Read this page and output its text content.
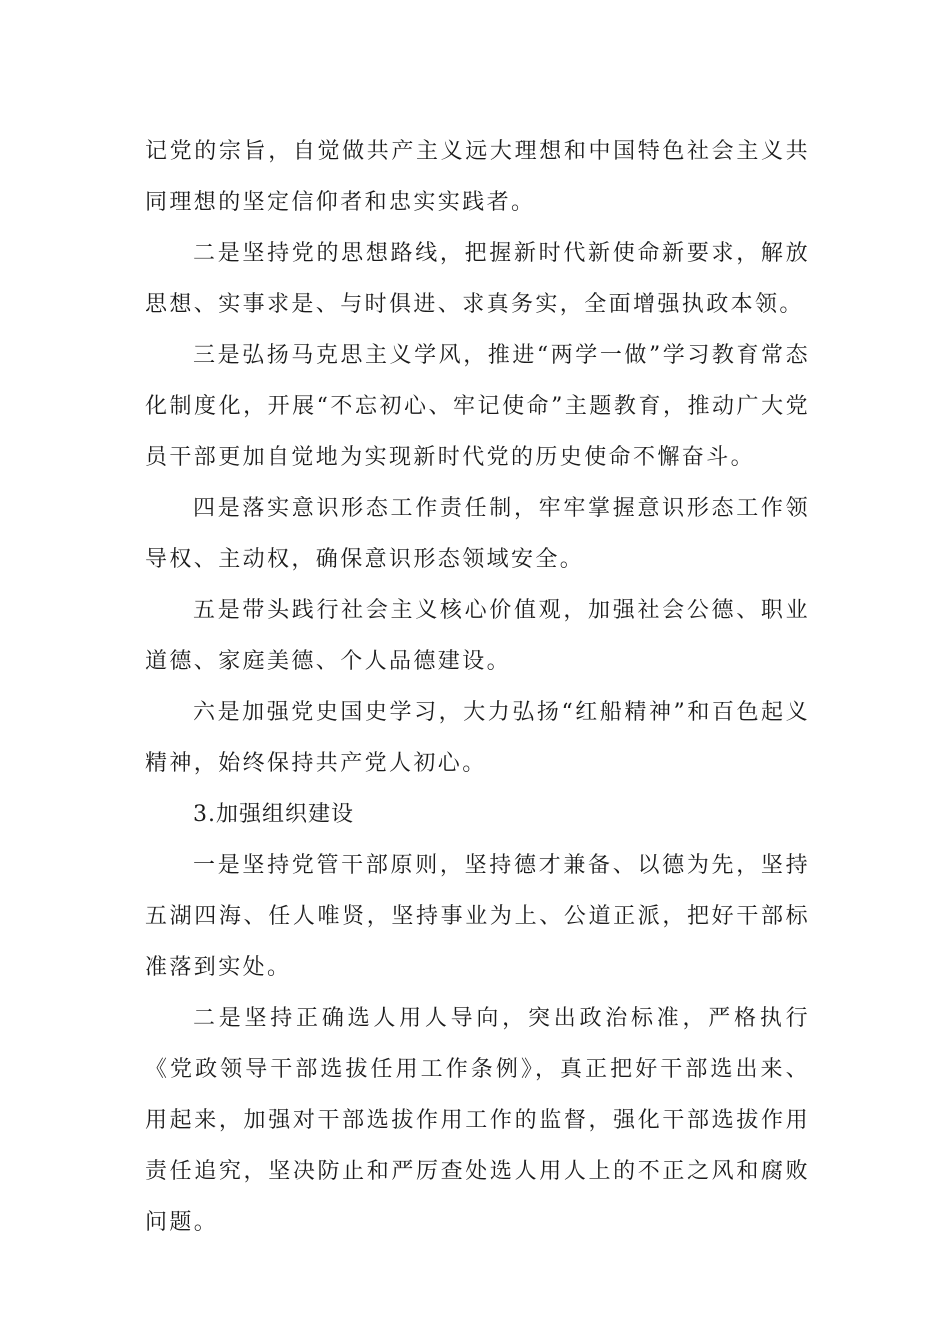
记党的宗旨，自觉做共产主义远大理想和中国特色社会主义共同理想的坚定信仰者和忠实实践者。

二是坚持党的思想路线，把握新时代新使命新要求，解放思想、实事求是、与时俱进、求真务实，全面增强执政本领。

三是弘扬马克思主义学风，推进“两学一做”学习教育常态化制度化，开展“不忘初心、牢记使命”主题教育，推动广大党员干部更加自觉地为实现新时代党的历史使命不懈奋斗。

四是落实意识形态工作责任制，牢牢掌握意识形态工作领导权、主动权，确保意识形态领域安全。

五是带头践行社会主义核心价值观，加强社会公德、职业道德、家庭美德、个人品德建设。

六是加强党史国史学习，大力弘扬“红船精神”和百色起义精神，始终保持共产党人初心。

3.加强组织建设

一是坚持党管干部原则，坚持德才兼备、以德为先，坚持五湖四海、任人唯贤，坚持事业为上、公道正派，把好干部标准落到实处。

二是坚持正确选人用人导向，突出政治标准，严格执行《党政领导干部选拔任用工作条例》，真正把好干部选出来、用起来，加强对干部选拔作用工作的监督，强化干部选拔作用责任追究，坚决防止和严厉查处选人用人上的不正之风和腐败问题。
